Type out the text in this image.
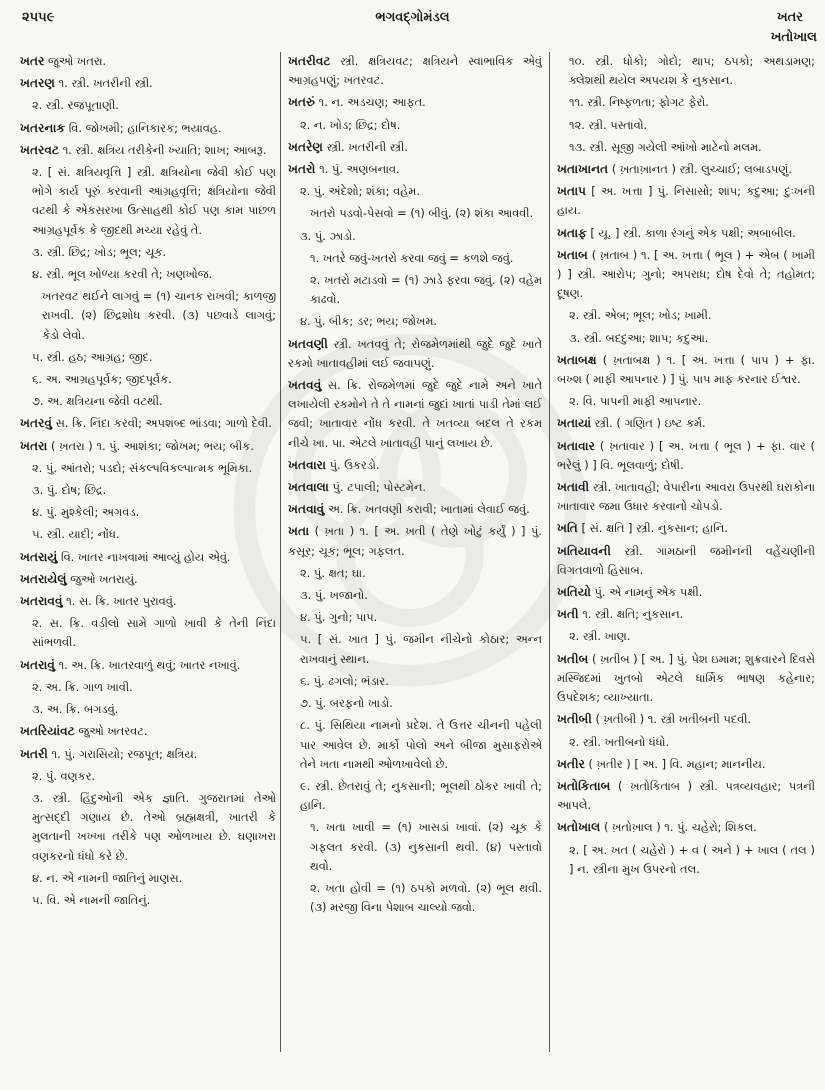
૨૫૫૯	ભગવદ્ગોમંડલ	ખતર
ખતોખાલ
ખતર જુઓ ખતરા.
ખતરણ ૧. સ્ત્રી. ખતરીની સ્ત્રી.
૨. સ્ત્રી. રજપૂતાણી.
ખતરનાક વિ. જોખમી; હાનિકારક; ભયાવહ.
ખતરવટ ૧. સ્ત્રી. ક્ષત્રિય તરીકેની ખ્યાતિ; શાખ; આબરૂ.
૨. [ સં. ક્ષત્રિયવૃત્તિ ] સ્ત્રી. ક્ષત્રિયોના જેવી કોઈ પણ ભોગે કાર્ય પૂરું કરવાની આગ્રહવૃત્તિ; ક્ષત્રિયોના જેવી વટથી કે એકસરખા ઉત્સાહથી કોઈ પણ કામ પાછળ આગ્રહપૂર્વક કે જીદથી મચ્યા રહેવું તે.
૩. સ્ત્રી. છિદ્ર; ખોડ; ભૂલ; ચૂક.
૪. સ્ત્રી. ભૂલ ખોળ્યા કરવી તે; ખણખોજ.
ખતરવટ થઈને લાગવું = (૧) ચાનક રાખવી; કાળજી રાખવી. (૨) છિદ્રશોધ કરવી. (૩) પછવાડે લાગવું; કેડો લેવો.
૫. સ્ત્રી. હઠ; આગ્રહ; જીદ.
૬. અ. આગ્રહપૂર્વક; જીદપૂર્વક.
૭. અ. ક્ષત્રિયના જેવી વટથી.
ખતરવું સ. ક્રિ. નિંદા કરવી; અપશબ્દ ભાંડવા; ગાળો દેવી.
ખતરા ( ખ઼તરા ) ૧. પું. આશંકા; જોખમ; ભય; બીક.
૨. પું. આંતરો; પડદો; સંકલ્પવિકલ્પાત્મક ભૂમિકા.
૩. પું. દોષ; છિદ્ર.
૪. પું. મુશ્કેલી; અગવડ.
૫. સ્ત્રી. યાદી; નોંધ.
ખતરાયું વિ. ખાતર નાખવામાં આવ્યું હોય એવું.
ખતરાયેલું જુઓ ખતરાયું.
ખતરાવવું ૧. સ. ક્રિ. ખાતર પુરાવવું.
૨. સ. ક્રિ. વડીલો સામે ગાળો ખાવી કે તેની નિંદા સાંભળવી.
ખતરાવું ૧. અ. ક્રિ. ખાતરવાળું થવું; ખાતર નખાવું.
૨. અ. ક્રિ. ગાળ ખાવી.
૩. અ. ક્રિ. બગડવું.
ખતરિયાંવટ જુઓ ખતરવટ.
ખતરી ૧. પું. ગરાસિયો; રજપૂત; ક્ષત્રિય.
૨. પું. વણકર.
૩. સ્ત્રી. હિંદુઓની એક જ્ઞાતિ. ગુજરાતમાં તેઓ મુત્સદ્દી ગણાય છે. તેઓ બ્રહ્મક્ષત્રી, ખાતરી કે મુલતાની ખખ્ખા તરીકે પણ ઓળખાય છે. ઘણાખરા વણકરનો ધંધો કરે છે.
૪. ન. એ નામની જાતિનું માણસ.
૫. વિ. એ નામની જાતિનું.
ખતરીવટ સ્ત્રી. ક્ષત્રિયવટ; ક્ષત્રિયને સ્વાભાવિક એવું આગ્રહપણું; ખતરવટ.
ખતરું ૧. ન. અડચણ; આફત.
૨. ન. ખોડ; છિદ્ર; દોષ.
ખતરેણ સ્ત્રી. ખતરીની સ્ત્રી.
ખતરો ૧. પું. અણબનાવ.
૨. પું. અંદેશો; શંકા; વહેમ.
ખતરો પડવો-પેસવો = (૧) બીવું. (૨) શંકા આવવી.
૩. પું. ઝાડો.
૧. ખતરે જવું-ખતરો કરવા જવું = કળશે જવું.
૨. ખતરો મટાડવો = (૧) ઝાડે ફરવા જવું. (૨) વહેમ કાઢવો.
૪. પું. બીક; ડર; ભય; જોખમ.
ખતવણી સ્ત્રી. ખતવવું તે; રોજમેળમાંથી જુદે જુદે ખાતે રકમો ખાતાવહીમાં લઈ જવાપણું.
ખતવવું સ. ક્રિ. રોજમેળમાં જુદે જુદે નામે અને ખાતે લખાયેલી રકમોને તે તે નામનાં જુદાં ખાતાં પાડી તેમાં લઈ જવી; ખાતાવાર નોંધ કરવી. તે ખતવ્યા બદલ તે રકમ નીચે ખા. પા. એટલે ખાતાવહી પાનું લખાય છે.
ખતવારા પું. ઉકરડો.
ખતવાલા પું. ટપાલી; પોસ્ટમેન.
ખતવાવું અ. ક્રિ. ખતવણી કરાવી; ખાતામાં લેવાઈ જવું.
ખતા ( ખ઼તા ) ૧. [ અ. ખતી ( તેણે ખોટું કર્યું ) ] પું. કસૂર; ચૂક; ભૂલ; ગફલત.
૨. પું. ક્ષત; ઘા.
૩. પું. ખજાનો.
૪. પું. ગુનો; પાપ.
૫. [ સં. ખાત ] પું. જમીન નીચેનો કોઠાર; અન્ન રાખવાનું સ્થાન.
૬. પું. ઢગલો; ભંડાર.
૭. પું. બરફનો ખાડો.
૮. પું. સિથિયા નામનો પ્રદેશ. તે ઉત્તર ચીનની પહેલી પાર આવેલ છે. માર્કો પોલો અને બીજા મુસાફરોએ તેને ખતા નામથી ઓળખાવેલો છે.
૯. સ્ત્રી. છેતરાવું તે; નુકસાની; ભૂલથી ઠોકર ખાવી તે; હાનિ.
૧. ખતા ખાવી = (૧) ખાસડાં ખાવાં. (૨) ચૂક કે ગફલત કરવી. (૩) નુકસાની થવી. (૪) પસ્તાવો થવો.
૨. ખતા હોવી = (૧) ઠપકો મળવો. (૨) ભૂલ થવી. (૩) મરજી વિના પેશાબ ચાલ્યો જવો.
૧૦. સ્ત્રી. ધોકો; ગોદો; થાપ; ઠપકો; અથડામણ; ક્લેશથી થયેલ અપયશ કે નુકસાન.
૧૧. સ્ત્રી. નિષ્ફળતા; ફોગટ ફેરો.
૧૨. સ્ત્રી. પસ્તાવો.
૧૩. સ્ત્રી. સૂજી ગયેલી આંખો માટેનો મલમ.
ખતાખાનત ( ખ઼તાખ઼ાનત ) સ્ત્રી. લુચ્ચાઈ; લબાડપણું.
ખતાપ [ અ. ખત્તા ] પું. નિસાસો; શાપ; કદુઆ; દુઃખની હાય.
ખતાફ [ યૂ. ] સ્ત્રી. કાળા રંગનું એક પક્ષી; અબાબીલ.
ખતાબ ( ખ઼તાબ ) ૧. [ અ. ખત્તા ( ભૂલ ) + એબ ( ખામી ) ] સ્ત્રી. આરોપ; ગુનો; અપરાધ; દોષ દેવો તે; તહોમત; દૂષણ.
૨. સ્ત્રી. એબ; ભૂલ; ખોડ; ખામી.
૩. સ્ત્રી. બદદુઆ; શાપ; કદુઆ.
ખતાબક્ષ ( ખ઼તાબક્ષ ) ૧. [ અ. ખત્તા ( પાપ ) + ફા. બખ્શ ( માફી આપનાર ) ] પું. પાપ માફ કરનાર ઈશ્વર.
૨. વિ. પાપની માફી આપનાર.
ખતાયાં સ્ત્રી. ( ગણિત ) ઇષ્ટ કર્મ.
ખતાવાર ( ખ઼તાવાર ) [ અ. ખત્તા ( ભૂલ ) + ફા. વાર ( ભરેલું ) ] વિ. ભૂલવાળું; દોષી.
ખતાવી સ્ત્રી. ખાતાવહી; વેપારીના આવરા ઉપરથી ઘરાકોના ખાતાવાર જમા ઉધાર કરવાનો ચોપડો.
ખતિ [ સં. ક્ષતિ ] સ્ત્રી. નુકસાન; હાનિ.
ખતિયાવની સ્ત્રી. ગામઠાની જમીનની વહેંચણીની વિગતવાળો હિસાબ.
ખતિયો પું. એ નામનું એક પક્ષી.
ખતી ૧. સ્ત્રી. ક્ષતિ; નુકસાન.
૨. સ્ત્રી. ખાણ.
ખતીબ ( ખ઼તીબ ) [ અ. ] પું. પેશ ઇમામ; શુક્રવારને દિવસે મસ્જિદમાં ખુતબો એટલે ધાર્મિક ભાષણ કહેનાર; ઉપદેશક; વ્યાખ્યાતા.
ખતીબી ( ખ઼તીબી ) ૧. સ્ત્રી ખતીબની પદવી.
૨. સ્ત્રી. ખતીબનો ધંધો.
ખતીર ( ખ઼તીર ) [ અ. ] વિ. મહાન; માનનીય.
ખતોકિતાબ ( ખ઼તોકિતાબ ) સ્ત્રી. પત્રવ્યવહાર; પત્રની આપલે.
ખતોખાલ ( ખ઼તોખ઼ાલ ) ૧. પું. ચહેરો; શિકલ.
૨. [ અ. ખત ( ચહેરો ) + વ ( અને ) + ખાલ ( તલ ) ] ન. સ્ત્રીના મુખ ઉપરનો તલ.
